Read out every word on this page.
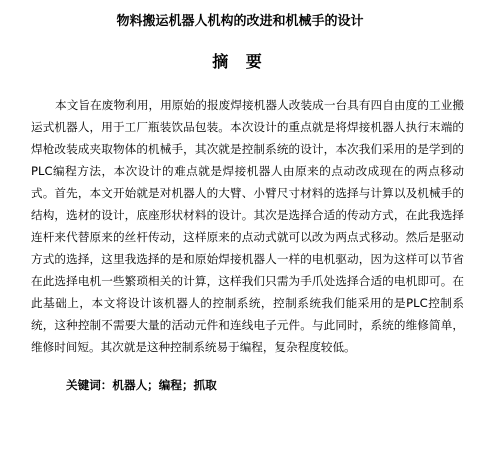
物料搬运机器人机构的改进和机械手的设计
摘 要

本文旨在废物利用，用原始的报废焊接机器人改装成一台具有四自由度的工业搬运式机器人，用于工厂瓶装饮品包装。本次设计的重点就是将焊接机器人执行末端的焊枪改装成夹取物体的机械手，其次就是控制系统的设计，本次我们采用的是学到的PLC编程方法，本次设计的难点就是焊接机器人由原来的点动改成现在的两点移动式。首先，本文开始就是对机器人的大臂、小臂尺寸材料的选择与计算以及机械手的结构，选材的设计，底座形状材料的设计。其次是选择合适的传动方式，在此我选择连杆来代替原来的丝杆传动，这样原来的点动式就可以改为两点式移动。然后是驱动方式的选择，这里我选择的是和原始焊接机器人一样的电机驱动，因为这样可以节省在此选择电机一些繁琐相关的计算，这样我们只需为手爪处选择合适的电机即可。在此基础上，本文将设计该机器人的控制系统，控制系统我们能采用的是PLC控制系统，这种控制不需要大量的活动元件和连线电子元件。与此同时，系统的维修简单，维修时间短。其次就是这种控制系统易于编程，复杂程度较低。

关键词：机器人；编程；抓取
